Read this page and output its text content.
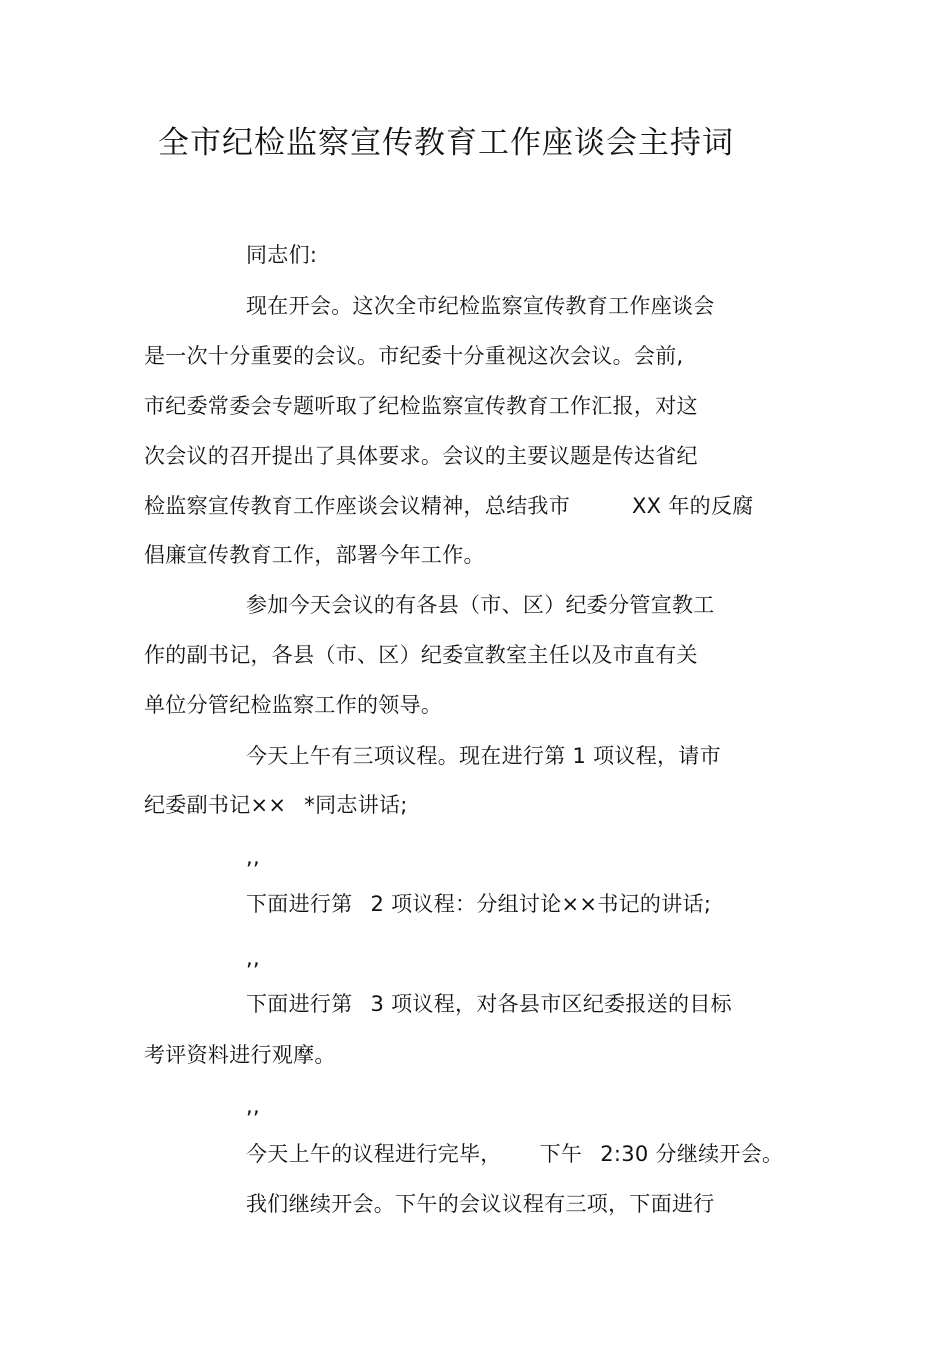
全市纪检监察宣传教育工作座谈会主持词
同志们:
现在开会。这次全市纪检监察宣传教育工作座谈会
是一次十分重要的会议。市纪委十分重视这次会议。会前,
市纪委常委会专题听取了纪检监察宣传教育工作汇报，对这
次会议的召开提出了具体要求。会议的主要议题是传达省纪
检监察宣传教育工作座谈会议精神，总结我市	XX 年的反腐
倡廉宣传教育工作，部署今年工作。
参加今天会议的有各县（市、区）纪委分管宣教工
作的副书记，各县（市、区）纪委宣教室主任以及市直有关
单位分管纪检监察工作的领导。
今天上午有三项议程。现在进行第 1 项议程，请市
纪委副书记×× *同志讲话;
,,
下面进行第 2 项议程：分组讨论××书记的讲话;
,,
下面进行第 3 项议程，对各县市区纪委报送的目标
考评资料进行观摩。
,,
今天上午的议程进行完毕， 下午 2:30 分继续开会。
我们继续开会。下午的会议议程有三项，下面进行
